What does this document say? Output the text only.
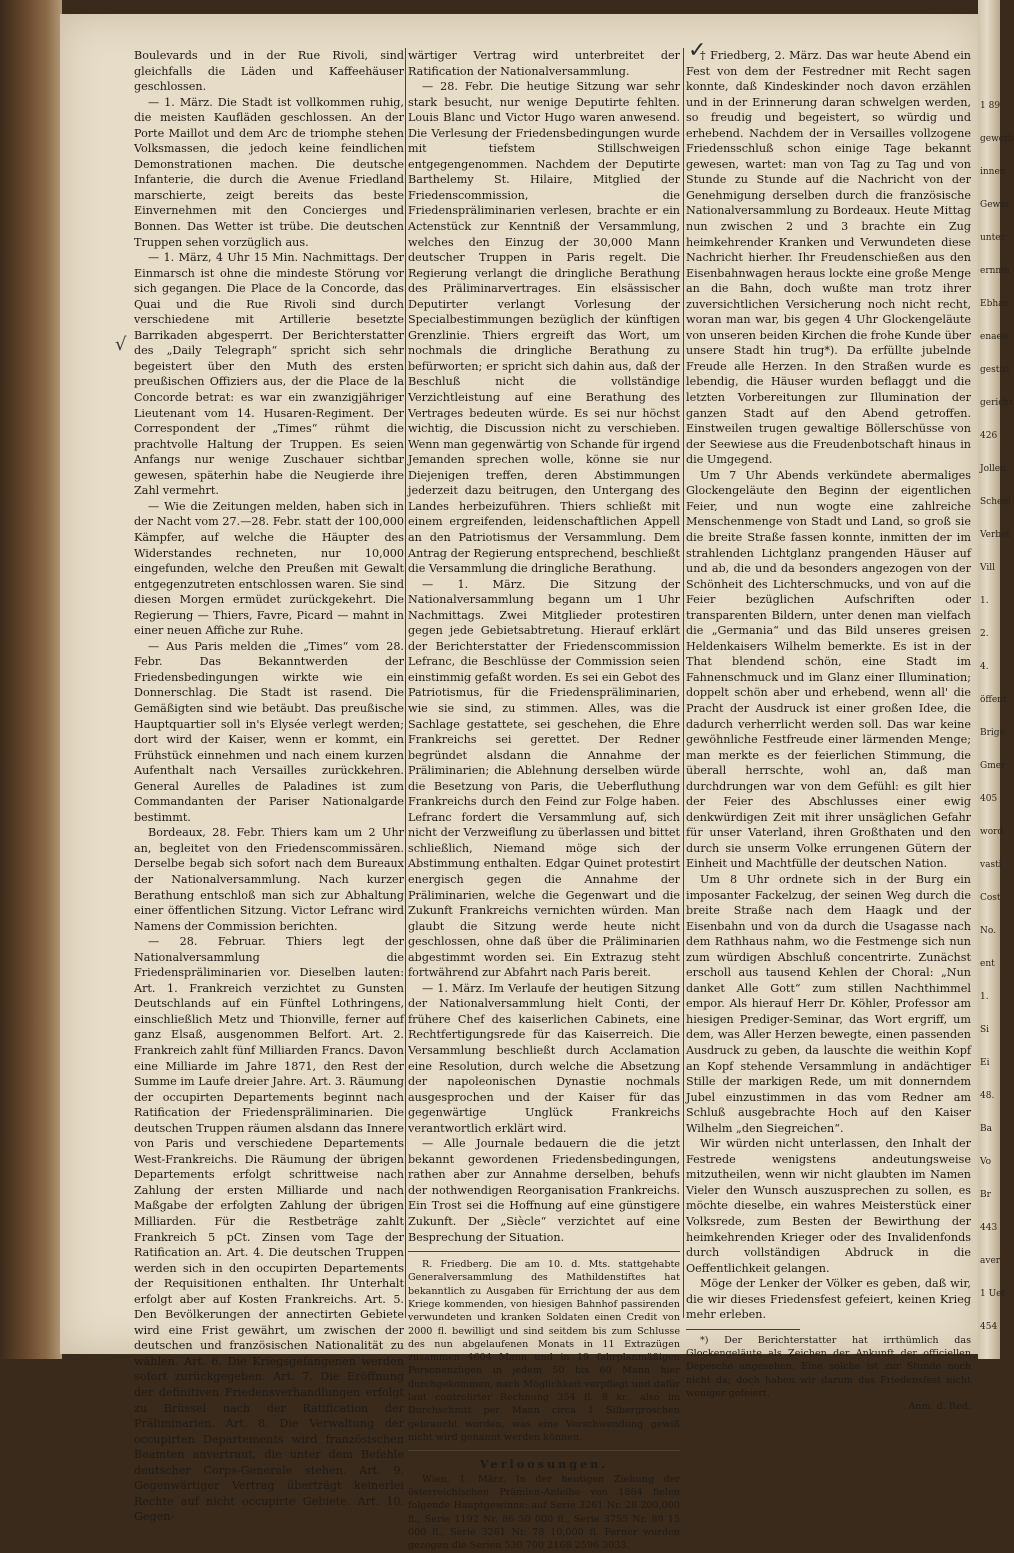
1 89
gewerb
innen
Gewer
unter
ernnin
Ebhan
enaesi
gestirl
gericht
426
Jollen
Schenl
Verbet
Vill
1.
2.
4.
öffent
Brige
Gmer
405
word
vasti
Cost
No.
ent
1.
Si
Ei
48.
Ba
Vo
Br
443
aver
1 Uet
454
√
✓

Boulevards und in der Rue Rivoli, sind gleichfalls die Läden und Kaffeehäuser geschlossen.

— 1. März. Die Stadt ist vollkommen ruhig, die meisten Kaufläden geschlossen. An der Porte Maillot und dem Arc de triomphe stehen Volksmassen, die jedoch keine feindlichen Demonstrationen machen. Die deutsche Infanterie, die durch die Avenue Friedland marschierte, zeigt bereits das beste Einvernehmen mit den Concierges und Bonnen. Das Wetter ist trübe. Die deutschen Truppen sehen vorzüglich aus.

— 1. März, 4 Uhr 15 Min. Nachmittags. Der Einmarsch ist ohne die mindeste Störung vor sich gegangen. Die Place de la Concorde, das Quai und die Rue Rivoli sind durch verschiedene mit Artillerie besetzte Barrikaden abgesperrt. Der Berichterstatter des „Daily Telegraph“ spricht sich sehr begeistert über den Muth des ersten preußischen Offiziers aus, der die Place de la Concorde betrat: es war ein zwanzigjähriger Lieutenant vom 14. Husaren-Regiment. Der Correspondent der „Times“ rühmt die prachtvolle Haltung der Truppen. Es seien Anfangs nur wenige Zuschauer sichtbar gewesen, späterhin habe die Neugierde ihre Zahl vermehrt.

— Wie die Zeitungen melden, haben sich in der Nacht vom 27.—28. Febr. statt der 100,000 Kämpfer, auf welche die Häupter des Widerstandes rechneten, nur 10,000 eingefunden, welche den Preußen mit Gewalt entgegenzutreten entschlossen waren. Sie sind diesen Morgen ermüdet zurückgekehrt. Die Regierung — Thiers, Favre, Picard — mahnt in einer neuen Affiche zur Ruhe.

— Aus Paris melden die „Times“ vom 28. Febr. Das Bekanntwerden der Friedensbedingungen wirkte wie ein Donnerschlag. Die Stadt ist rasend. Die Gemäßigten sind wie betäubt. Das preußische Hauptquartier soll in's Elysée verlegt werden; dort wird der Kaiser, wenn er kommt, ein Frühstück einnehmen und nach einem kurzen Aufenthalt nach Versailles zurückkehren. General Aurelles de Paladines ist zum Commandanten der Pariser Nationalgarde bestimmt.

Bordeaux, 28. Febr. Thiers kam um 2 Uhr an, begleitet von den Friedenscommissären. Derselbe begab sich sofort nach dem Bureaux der Nationalversammlung. Nach kurzer Berathung entschloß man sich zur Abhaltung einer öffentlichen Sitzung. Victor Lefranc wird Namens der Commission berichten.

— 28. Februar. Thiers legt der Nationalversammlung die Friedenspräliminarien vor. Dieselben lauten: Art. 1. Frankreich verzichtet zu Gunsten Deutschlands auf ein Fünftel Lothringens, einschließlich Metz und Thionville, ferner auf ganz Elsaß, ausgenommen Belfort. Art. 2. Frankreich zahlt fünf Milliarden Francs. Davon eine Milliarde im Jahre 1871, den Rest der Summe im Laufe dreier Jahre. Art. 3. Räumung der occupirten Departements beginnt nach Ratification der Friedenspräliminarien. Die deutschen Truppen räumen alsdann das Innere von Paris und verschiedene Departements West-Frankreichs. Die Räumung der übrigen Departements erfolgt schrittweise nach Zahlung der ersten Milliarde und nach Maßgabe der erfolgten Zahlung der übrigen Milliarden. Für die Restbeträge zahlt Frankreich 5 pCt. Zinsen vom Tage der Ratification an. Art. 4. Die deutschen Truppen werden sich in den occupirten Departements der Requisitionen enthalten. Ihr Unterhalt erfolgt aber auf Kosten Frankreichs. Art. 5. Den Bevölkerungen der annectirten Gebiete wird eine Frist gewährt, um zwischen der deutschen und französischen Nationalität zu wählen. Art. 6. Die Kriegsgefangenen werden sofort zurückgegeben. Art. 7. Die Eröffnung der definitiven Friedensverhandlungen erfolgt zu Brüssel nach der Ratification der Präliminarien. Art. 8. Die Verwaltung der occupirten Departements wird französischen Beamten anvertraut, die unter dem Befehle deutscher Corps-Generale stehen. Art. 9. Gegenwärtiger Vertrag überträgt keinerlei Rechte auf nicht occupirte Gebiete. Art. 10. Gegen-

wärtiger Vertrag wird unterbreitet der Ratification der Nationalversammlung.

— 28. Febr. Die heutige Sitzung war sehr stark besucht, nur wenige Deputirte fehlten. Louis Blanc und Victor Hugo waren anwesend. Die Verlesung der Friedensbedingungen wurde mit tiefstem Stillschweigen entgegengenommen. Nachdem der Deputirte Barthelemy St. Hilaire, Mitglied der Friedenscommission, die Friedenspräliminarien verlesen, brachte er ein Actenstück zur Kenntniß der Versammlung, welches den Einzug der 30,000 Mann deutscher Truppen in Paris regelt. Die Regierung verlangt die dringliche Berathung des Präliminarvertrages. Ein elsässischer Deputirter verlangt Vorlesung der Specialbestimmungen bezüglich der künftigen Grenzlinie. Thiers ergreift das Wort, um nochmals die dringliche Berathung zu befürworten; er spricht sich dahin aus, daß der Beschluß nicht die vollständige Verzichtleistung auf eine Berathung des Vertrages bedeuten würde. Es sei nur höchst wichtig, die Discussion nicht zu verschieben. Wenn man gegenwärtig von Schande für irgend Jemanden sprechen wolle, könne sie nur Diejenigen treffen, deren Abstimmungen jederzeit dazu beitrugen, den Untergang des Landes herbeizuführen. Thiers schließt mit einem ergreifenden, leidenschaftlichen Appell an den Patriotismus der Versammlung. Dem Antrag der Regierung entsprechend, beschließt die Versammlung die dringliche Berathung.

— 1. März. Die Sitzung der Nationalversammlung begann um 1 Uhr Nachmittags. Zwei Mitglieder protestiren gegen jede Gebietsabtretung. Hierauf erklärt der Berichterstatter der Friedenscommission Lefranc, die Beschlüsse der Commission seien einstimmig gefaßt worden. Es sei ein Gebot des Patriotismus, für die Friedenspräliminarien, wie sie sind, zu stimmen. Alles, was die Sachlage gestattete, sei geschehen, die Ehre Frankreichs sei gerettet. Der Redner begründet alsdann die Annahme der Präliminarien; die Ablehnung derselben würde die Besetzung von Paris, die Ueberfluthung Frankreichs durch den Feind zur Folge haben. Lefranc fordert die Versammlung auf, sich nicht der Verzweiflung zu überlassen und bittet schließlich, Niemand möge sich der Abstimmung enthalten. Edgar Quinet protestirt energisch gegen die Annahme der Präliminarien, welche die Gegenwart und die Zukunft Frankreichs vernichten würden. Man glaubt die Sitzung werde heute nicht geschlossen, ohne daß über die Präliminarien abgestimmt worden sei. Ein Extrazug steht fortwährend zur Abfahrt nach Paris bereit.

— 1. März. Im Verlaufe der heutigen Sitzung der Nationalversammlung hielt Conti, der frühere Chef des kaiserlichen Cabinets, eine Rechtfertigungsrede für das Kaiserreich. Die Versammlung beschließt durch Acclamation eine Resolution, durch welche die Absetzung der napoleonischen Dynastie nochmals ausgesprochen und der Kaiser für das gegenwärtige Unglück Frankreichs verantwortlich erklärt wird.

— Alle Journale bedauern die die jetzt bekannt gewordenen Friedensbedingungen, rathen aber zur Annahme derselben, behufs der nothwendigen Reorganisation Frankreichs. Ein Trost sei die Hoffnung auf eine günstigere Zukunft. Der „Siècle“ verzichtet auf eine Besprechung der Situation.

R. Friedberg. Die am 10. d. Mts. stattgehabte Generalversammlung des Mathildenstiftes hat bekanntlich zu Ausgaben für Errichtung der aus dem Kriege kommenden, von hiesigen Bahnhof passirenden verwundeten und kranken Soldaten einen Credit von 2000 fl. bewilligt und sind seitdem bis zum Schlusse des nun abgelaufenen Monats in 11 Extrazügen zusammen 4604 Mann und in 19 fahrplanmäßigen Personenzügen in jedem 50 bis 60 Mann hier durchgekommen, nach Möglichkeit verpflegt und dafür laut controlirter Rechnung 354 fl. 8 kr., also im Durchschnitt per Mann circa 1 Silbergroschen gebraucht worden, was eine Verschwendung gewiß nicht wird genannt werden können.

Verloosungen.

Wien, 1. März. In der heutigen Ziehung der österreichischen Prämien-Anleihe von 1864 fielen folgende Hauptgewinne: auf Serie 3261 Nr. 28 200,000 fl., Serie 1192 Nr. 86 50 000 fl., Serie 3755 Nr. 89 15 000 fl., Serie 3261 Nr. 78 10,000 fl. Ferner wurden gezogen die Serien 530 700 2168 2596 3033.

† Friedberg, 2. März. Das war heute Abend ein Fest von dem der Festredner mit Recht sagen konnte, daß Kindeskinder noch davon erzählen und in der Erinnerung daran schwelgen werden, so freudig und begeistert, so würdig und erhebend. Nachdem der in Versailles vollzogene Friedensschluß schon einige Tage bekannt gewesen, wartet: man von Tag zu Tag und von Stunde zu Stunde auf die Nachricht von der Genehmigung derselben durch die französische Nationalversammlung zu Bordeaux. Heute Mittag nun zwischen 2 und 3 brachte ein Zug heimkehrender Kranken und Verwundeten diese Nachricht hierher. Ihr Freudenschießen aus den Eisenbahnwagen heraus lockte eine große Menge an die Bahn, doch wußte man trotz ihrer zuversichtlichen Versicherung noch nicht recht, woran man war, bis gegen 4 Uhr Glockengeläute von unseren beiden Kirchen die frohe Kunde über unsere Stadt hin trug*). Da erfüllte jubelnde Freude alle Herzen. In den Straßen wurde es lebendig, die Häuser wurden beflaggt und die letzten Vorbereitungen zur Illumination der ganzen Stadt auf den Abend getroffen. Einstweilen trugen gewaltige Böllerschüsse von der Seewiese aus die Freudenbotschaft hinaus in die Umgegend.

Um 7 Uhr Abends verkündete abermaliges Glockengeläute den Beginn der eigentlichen Feier, und nun wogte eine zahlreiche Menschenmenge von Stadt und Land, so groß sie die breite Straße fassen konnte, inmitten der im strahlenden Lichtglanz prangenden Häuser auf und ab, die und da besonders angezogen von der Schönheit des Lichterschmucks, und von auf die Feier bezüglichen Aufschriften oder transparenten Bildern, unter denen man vielfach die „Germania“ und das Bild unseres greisen Heldenkaisers Wilhelm bemerkte. Es ist in der That blendend schön, eine Stadt im Fahnenschmuck und im Glanz einer Illumination; doppelt schön aber und erhebend, wenn all' die Pracht der Ausdruck ist einer großen Idee, die dadurch verherrlicht werden soll. Das war keine gewöhnliche Festfreude einer lärmenden Menge; man merkte es der feierlichen Stimmung, die überall herrschte, wohl an, daß man durchdrungen war von dem Gefühl: es gilt hier der Feier des Abschlusses einer ewig denkwürdigen Zeit mit ihrer unsäglichen Gefahr für unser Vaterland, ihren Großthaten und den durch sie unserm Volke errungenen Gütern der Einheit und Machtfülle der deutschen Nation.

Um 8 Uhr ordnete sich in der Burg ein imposanter Fackelzug, der seinen Weg durch die breite Straße nach dem Haagk und der Eisenbahn und von da durch die Usagasse nach dem Rathhaus nahm, wo die Festmenge sich nun zum würdigen Abschluß concentrirte. Zunächst erscholl aus tausend Kehlen der Choral: „Nun danket Alle Gott“ zum stillen Nachthimmel empor. Als hierauf Herr Dr. Köhler, Professor am hiesigen Prediger-Seminar, das Wort ergriff, um dem, was Aller Herzen bewegte, einen passenden Ausdruck zu geben, da lauschte die weithin Kopf an Kopf stehende Versammlung in andächtiger Stille der markigen Rede, um mit donnerndem Jubel einzustimmen in das vom Redner am Schluß ausgebrachte Hoch auf den Kaiser Wilhelm „den Siegreichen“.

Wir würden nicht unterlassen, den Inhalt der Festrede wenigstens andeutungsweise mitzutheilen, wenn wir nicht glaubten im Namen Vieler den Wunsch auszusprechen zu sollen, es möchte dieselbe, ein wahres Meisterstück einer Volksrede, zum Besten der Bewirthung der heimkehrenden Krieger oder des Invalidenfonds durch vollständigen Abdruck in die Oeffentlichkeit gelangen.

Möge der Lenker der Völker es geben, daß wir, die wir dieses Friedensfest gefeiert, keinen Krieg mehr erleben.

*) Der Berichterstatter hat irrthümlich das Glockengeläute als Zeichen der Ankunft der officiellen Depesche angesehen. Eine solche ist zur Stunde noch nicht da; doch haben wir darum das Friedensfest nicht weniger gefeiert.

Anm. d. Red.
